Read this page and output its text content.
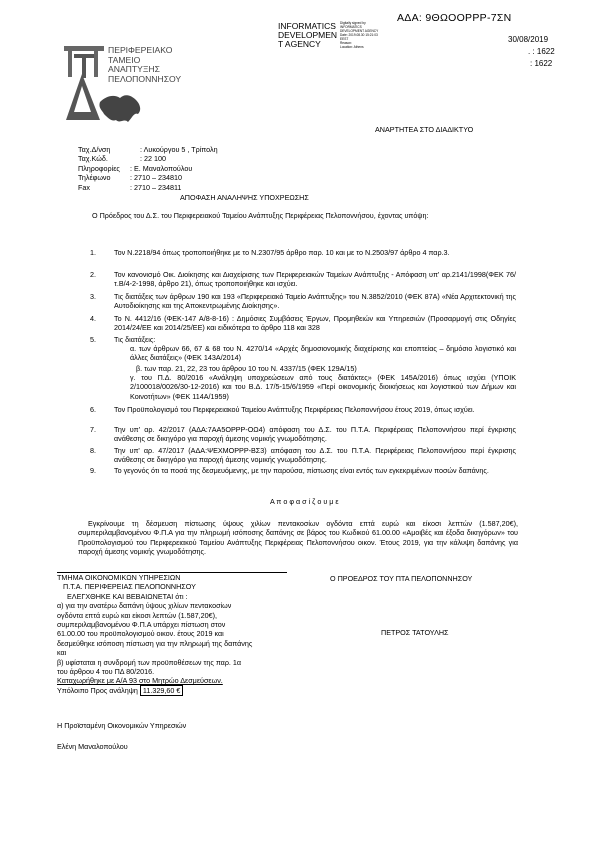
ΑΔΑ: 9ΘΩΟΟΡΡΡ-7ΣΝ
INFORMATICS
DEVELOPMEN
T AGENCY
Digitally signed by
INFORMATICS
DEVELOPMENT AGENCY
Date: 2019.08.30 15:21:03
EEST
Reason:
Location: Athens
30/08/2019
. : 1622
: 1622
ΠΕΡΙΦΕΡΕΙΑΚΟ
ΤΑΜΕΙΟ
ΑΝΑΠΤΥΞΗΣ
ΠΕΛΟΠΟΝΝΗΣΟΥ
ΑΝΑΡΤΗΤΕΑ ΣΤΟ ΔΙΑΔΙΚΤΥΟ
Ταχ.Δ/νση	: Λυκούργου 5 , Τρίπολη
Ταχ.Κώδ.	: 22 100
Πληροφορίες : Ε. Μαναλοπούλου
Τηλέφωνο	: 2710 – 234810
Fax	: 2710 – 234811
ΑΠΟΦΑΣΗ ΑΝΑΛΗΨΗΣ ΥΠΟΧΡΕΩΣΗΣ
Ο Πρόεδρος του Δ.Σ. του Περιφερειακού Ταμείου Ανάπτυξης Περιφέρειας Πελοποννήσου, έχοντας υπόψη:
1.	Τον Ν.2218/94 όπως τροποποιήθηκε με το Ν.2307/95 άρθρο παρ. 10 και με το Ν.2503/97 άρθρο 4 παρ.3.
2.	Τον κανονισμό Οικ. Διοίκησης και Διαχείρισης των Περιφερειακών Ταμείων Ανάπτυξης - Απόφαση υπ' αρ.2141/1998(ΦΕΚ 76/τ.Β/4-2-1998, άρθρο 21), όπως τροποποιήθηκε και ισχύει.
3.	Τις διατάξεις των άρθρων 190 και 193 «Περιφερειακό Ταμείο Ανάπτυξης» του Ν.3852/2010 (ΦΕΚ 87Α) «Νέα Αρχιτεκτονική της Αυτοδιοίκησης και της Αποκεντρωμένης Διοίκησης».
4.	Το Ν. 4412/16 (ΦΕΚ-147 Α/8-8-16) : Δημόσιες Συμβάσεις Έργων, Προμηθειών και Υπηρεσιών (Προσαρμογή στις Οδηγίες 2014/24/ΕΕ και 2014/25/ΕΕ) και ειδικότερα το άρθρο 118 και 328
5.	Τις διατάξεις:
α. των άρθρων 66, 67 & 68 του Ν. 4270/14 «Αρχές δημοσιονομικής διαχείρισης και εποπτείας – δημόσιο λογιστικό και άλλες διατάξεις» (ΦΕΚ 143Α/2014)
β. των παρ. 21, 22, 23 του άρθρου 10 του Ν. 4337/15 (ΦΕΚ 129Α/15)
γ. του Π.Δ. 80/2016 «Ανάληψη υποχρεώσεων από τους διατάκτες» (ΦΕΚ 145Α/2016) όπως ισχύει (ΥΠΟΙΚ 2/100018/0026/30-12-2016) και του Β.Δ. 17/5-15/6/1959 «Περί οικονομικής διοικήσεως και λογιστικού των Δήμων και Κοινοτήτων» (ΦΕΚ 114Α/1959)
6.	Τον Προϋπολογισμό του Περιφερειακού Ταμείου Ανάπτυξης Περιφέρειας Πελοποννήσου έτους 2019, όπως ισχύει.
7.	Την υπ' αρ. 42/2017 (ΑΔΑ:7ΑΑ5ΟΡΡΡ-ΟΩ4) απόφαση του Δ.Σ. του Π.Τ.Α. Περιφέρειας Πελοποννήσου περί έγκρισης ανάθεσης σε δικηγόρο για παροχή άμεσης νομικής γνωμοδότησης.
8.	Την υπ' αρ. 47/2017 (ΑΔΑ:ΨΕΧΜΟΡΡΡ-ΒΣ3) απόφαση του Δ.Σ. του Π.Τ.Α. Περιφέρειας Πελοποννήσου περί έγκρισης ανάθεσης σε δικηγόρο για παροχή άμεσης νομικής γνωμοδότησης.
9.	Το γεγονός ότι τα ποσά της δεσμευόμενης, με την παρούσα, πίστωσης είναι εντός των εγκεκριμένων ποσών δαπάνης.
Α π ο φ α σ ί ζ ο υ μ ε
Εγκρίνουμε τη δέσμευση πίστωσης ύψους χιλίων πεντακοσίων ογδόντα επτά ευρώ και είκοσι λεπτών (1.587,20€), συμπεριλαμβανομένου Φ.Π.Α για την πληρωμή ισόποσης δαπάνης σε βάρος του Κωδικού 61.00.00 «Αμοιβές και έξοδα δικηγόρων» του Προϋπολογισμού του Περιφερειακού Ταμείου Ανάπτυξης Περιφέρειας Πελοποννήσου οικον. Έτους 2019, για την κάλυψη δαπάνης για παροχή άμεσης νομικής γνωμοδότησης.
ΤΜΗΜΑ ΟΙΚΟΝΟΜΙΚΩΝ ΥΠΗΡΕΣΙΩΝ
Π.Τ.Α. ΠΕΡΙΦΕΡΕΙΑΣ ΠΕΛΟΠΟΝΝΗΣΟΥ
ΕΛΕΓΧΘΗΚΕ ΚΑΙ ΒΕΒΑΙΩΝΕΤΑΙ ότι :
α) για την ανατέρω δαπάνη ύψους χιλίων πεντακοσίων
ογδόντα επτά ευρώ και είκοσι λεπτών (1.587,20€),
συμπεριλαμβανομένου Φ.Π.Α υπάρχει πίστωση στον
61.00.00 του προϋπολογισμού οικον. έτους 2019 και
δεσμεύθηκε ισόποση πίστωση για την πληρωμή της δαπάνης
και
β) υφίσταται η συνδρομή των προϋποθέσεων της παρ. 1α
του άρθρου 4 του ΠΔ 80/2016.
Καταχωρήθηκε με Α/Α 93 στο Μητρώο Δεσμεύσεων.
Υπόλοιπο Προς ανάληψη 11.329,60 €
Η Προϊσταμένη Οικονομικών Υπηρεσιών
Ελένη Μαναλοπούλου
Ο ΠΡΟΕΔΡΟΣ ΤΟΥ ΠΤΑ ΠΕΛΟΠΟΝΝΗΣΟΥ
ΠΕΤΡΟΣ ΤΑΤΟΥΛΗΣ
